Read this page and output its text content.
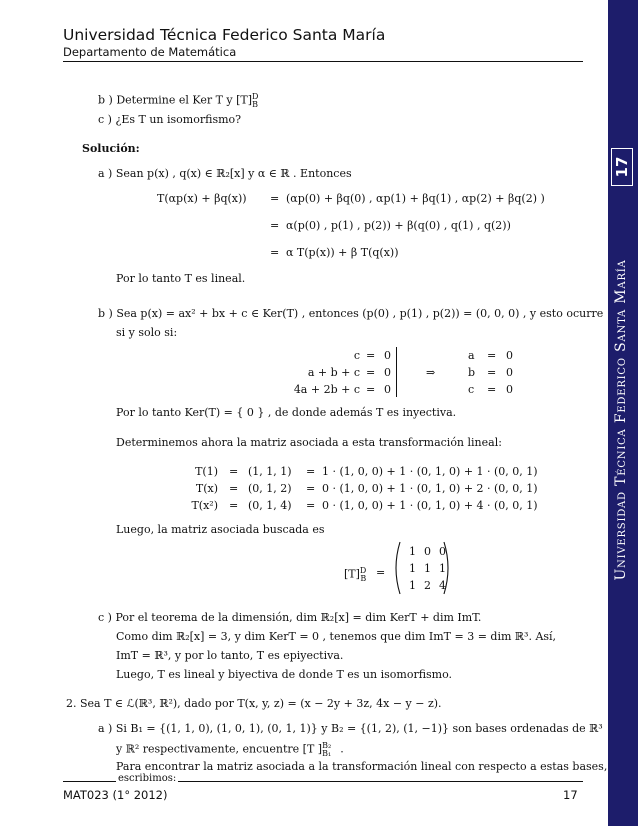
Universidad Técnica Federico Santa María
Departamento de Matemática
17
Universidad Técnica Federico Santa María
b ) Determine el Ker T y $[T]_B^D$
c ) ¿Es T un isomorfismo?
Solución:
a ) Sean p(x) , q(x) ∈ ℝ₂[x] y α ∈ ℝ . Entonces
T(αp(x) + βq(x)) = (αp(0) + βq(0) , αp(1) + βq(1) , αp(2) + βq(2) )
= α(p(0) , p(1) , p(2)) + β(q(0) , q(1) , q(2))
= α T(p(x)) + β T(q(x))
Por lo tanto T es lineal.
b ) Sea p(x) = ax² + bx + c ∈ Ker(T) , entonces (p(0) , p(1) , p(2)) = (0, 0, 0) , y esto ocurre
si y solo si:
c
a + b + c
4a + 2b + c
=
=
=
0
0
0
⇒
a
b
c
=
=
=
0
0
0
Por lo tanto Ker(T) = { 0 } , de donde además T es inyectiva.
Determinemos ahora la matriz asociada a esta transformación lineal:
T(1)
T(x)
T(x²)
=
=
=
(1, 1, 1)
(0, 1, 2)
(0, 1, 4)
=
=
=
1 · (1, 0, 0) + 1 · (0, 1, 0) + 1 · (0, 0, 1)
0 · (1, 0, 0) + 1 · (0, 1, 0) + 2 · (0, 0, 1)
0 · (1, 0, 0) + 1 · (0, 1, 0) + 4 · (0, 0, 1)
Luego, la matriz asociada buscada es
$[T]^D_B$ =
1 0 0
1 1 1
1 2 4
c ) Por el teorema de la dimensión, dim ℝ₂[x] = dim KerT + dim ImT.
Como dim ℝ₂[x] = 3, y dim KerT = 0 , tenemos que dim ImT = 3 = dim ℝ³. Así,
ImT = ℝ³, y por lo tanto, T es epiyectiva.
Luego, T es lineal y biyectiva de donde T es un isomorfismo.
2. Sea T ∈ ℒ(ℝ³, ℝ²), dado por T(x, y, z) = (x − 2y + 3z, 4x − y − z).
a ) Si B₁ = {(1, 1, 0), (1, 0, 1), (0, 1, 1)} y B₂ = {(1, 2), (1, −1)} son bases ordenadas de ℝ³
y ℝ² respectivamente, encuentre [T ]$^{B_2}_{B_1}$ .
Para encontrar la matriz asociada a la transformación lineal con respecto a estas bases,
MAT023 (1° 2012)	17
escribimos:
